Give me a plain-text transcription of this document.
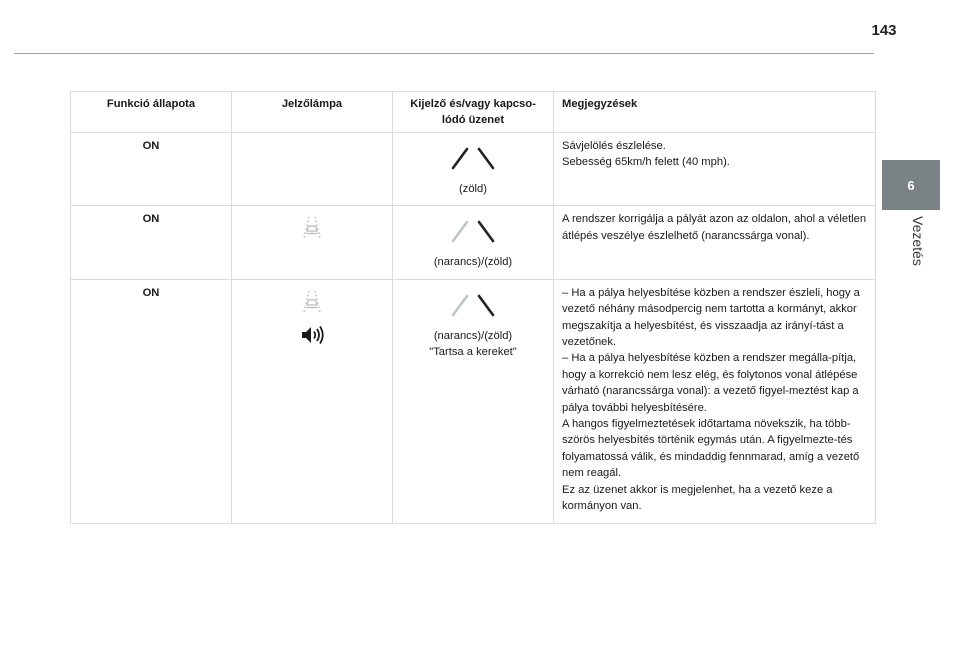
143
6
Vezetés
Funkció állapota	Jelzőlámpa	Kijelző és/vagy kapcso-lódó üzenet	Megjegyzések
ON		(zöld)	Sávjelölés észlelése.
Sebesség 65km/h felett (40 mph).

ON		(narancs)/(zöld)	A rendszer korrigálja a pályát azon az oldalon, ahol a véletlen átlépés veszélye észlelhető (narancssárga vonal).

ON		(narancs)/(zöld)
"Tartsa a kereket"	– Ha a pálya helyesbítése közben a rendszer észleli, hogy a vezető néhány másodpercig nem tartotta a kormányt, akkor megszakítja a helyesbítést, és visszaadja az irányí-tást a vezetőnek.
– Ha a pálya helyesbítése közben a rendszer megálla-pítja, hogy a korrekció nem lesz elég, és folytonos vonal átlépése várható (narancssárga vonal): a vezető figyel-meztést kap a pálya további helyesbítésére.
A hangos figyelmeztetések időtartama növekszik, ha több-szörös helyesbítés történik egymás után. A figyelmezte-tés folyamatossá válik, és mindaddig fennmarad, amíg a vezető nem reagál.
Ez az üzenet akkor is megjelenhet, ha a vezető keze a kormányon van.
